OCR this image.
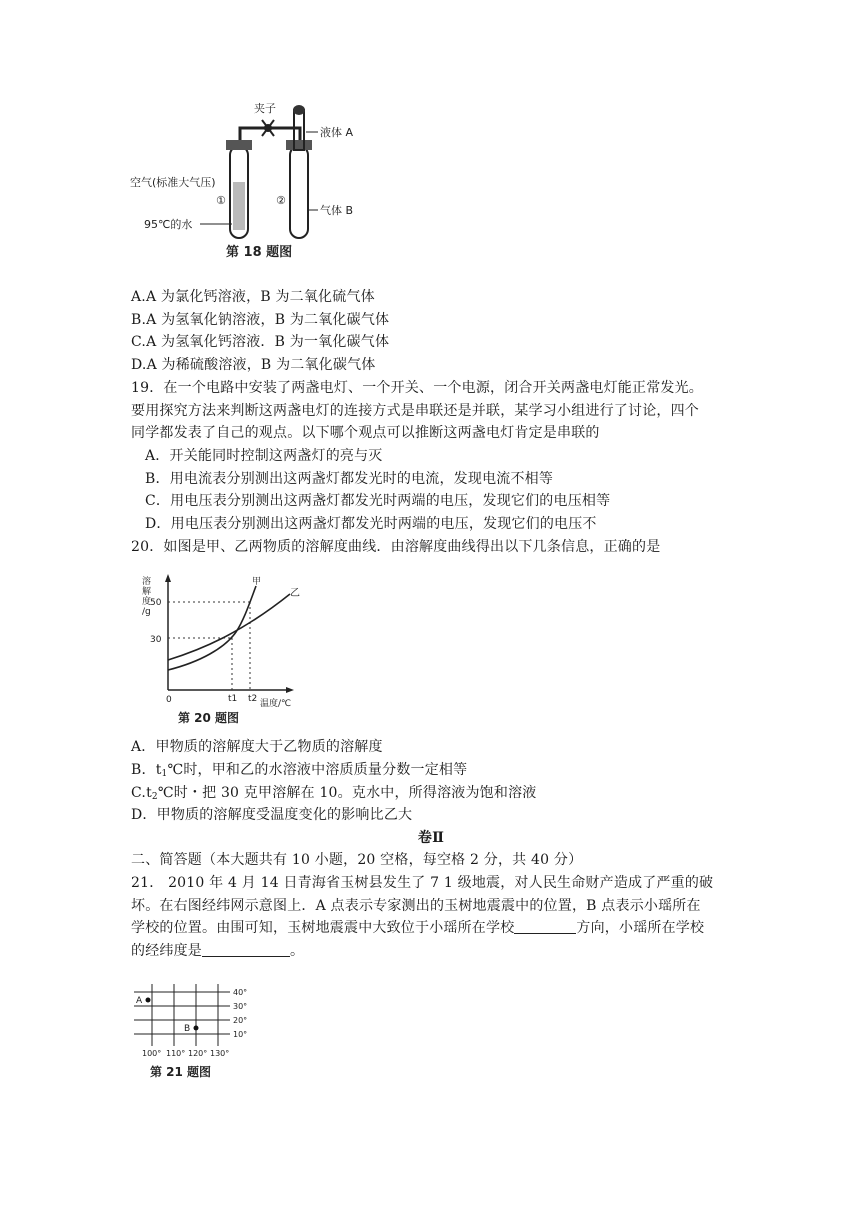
夹子
液体 A
空气(标准大气压)
①	②
95℃的水
气体 B
第 18 题图
A.A 为氯化钙溶液，B 为二氧化硫气体
B.A 为氢氧化钠溶液，B 为二氧化碳气体
C.A 为氢氧化钙溶液．B 为一氧化碳气体
D.A 为稀硫酸溶液，B 为二氧化碳气体
19．在一个电路中安装了两盏电灯、一个开关、一个电源，闭合开关两盏电灯能正常发光。
要用探究方法来判断这两盏电灯的连接方式是串联还是并联，某学习小组进行了讨论，四个
同学都发表了自己的观点。以下哪个观点可以推断这两盏电灯肯定是串联的
A．开关能同时控制这两盏灯的亮与灭
B．用电流表分别测出这两盏灯都发光时的电流，发现电流不相等
C．用电压表分别测出这两盏灯都发光时两端的电压，发现它们的电压相等
D．用电压表分别测出这两盏灯都发光时两端的电压，发现它们的电压不
20．如图是甲、乙两物质的溶解度曲线．由溶解度曲线得出以下几条信息，正确的是
溶
解
度
/g
50
30
0
甲
乙
t1 t2 温度/℃
第 20 题图
A．甲物质的溶解度大于乙物质的溶解度
B．$t_1℃$时，甲和乙的水溶液中溶质质量分数一定相等
$C.t_2℃$时・把 30 克甲溶解在 10。克水中，所得溶液为饱和溶液
D．甲物质的溶解度受温度变化的影响比乙大
卷Ⅱ
二、简答题（本大题共有 10 小题，20 空格，每空格 2 分，共 40 分）
21． 2010 年 4 月 14 日青海省玉树县发生了 7 1 级地震，对人民生命财产造成了严重的破
坏。在右图经纬网示意图上．A 点表示专家测出的玉树地震震中的位置，B 点表示小瑶所在
学校的位置。由围可知，玉树地震震中大致位于小瑶所在学校	方向，小瑶所在学校
的经纬度是	。
40°
30°
20°
10°
100° 110° 120° 130°
A
B
第 21 题图
